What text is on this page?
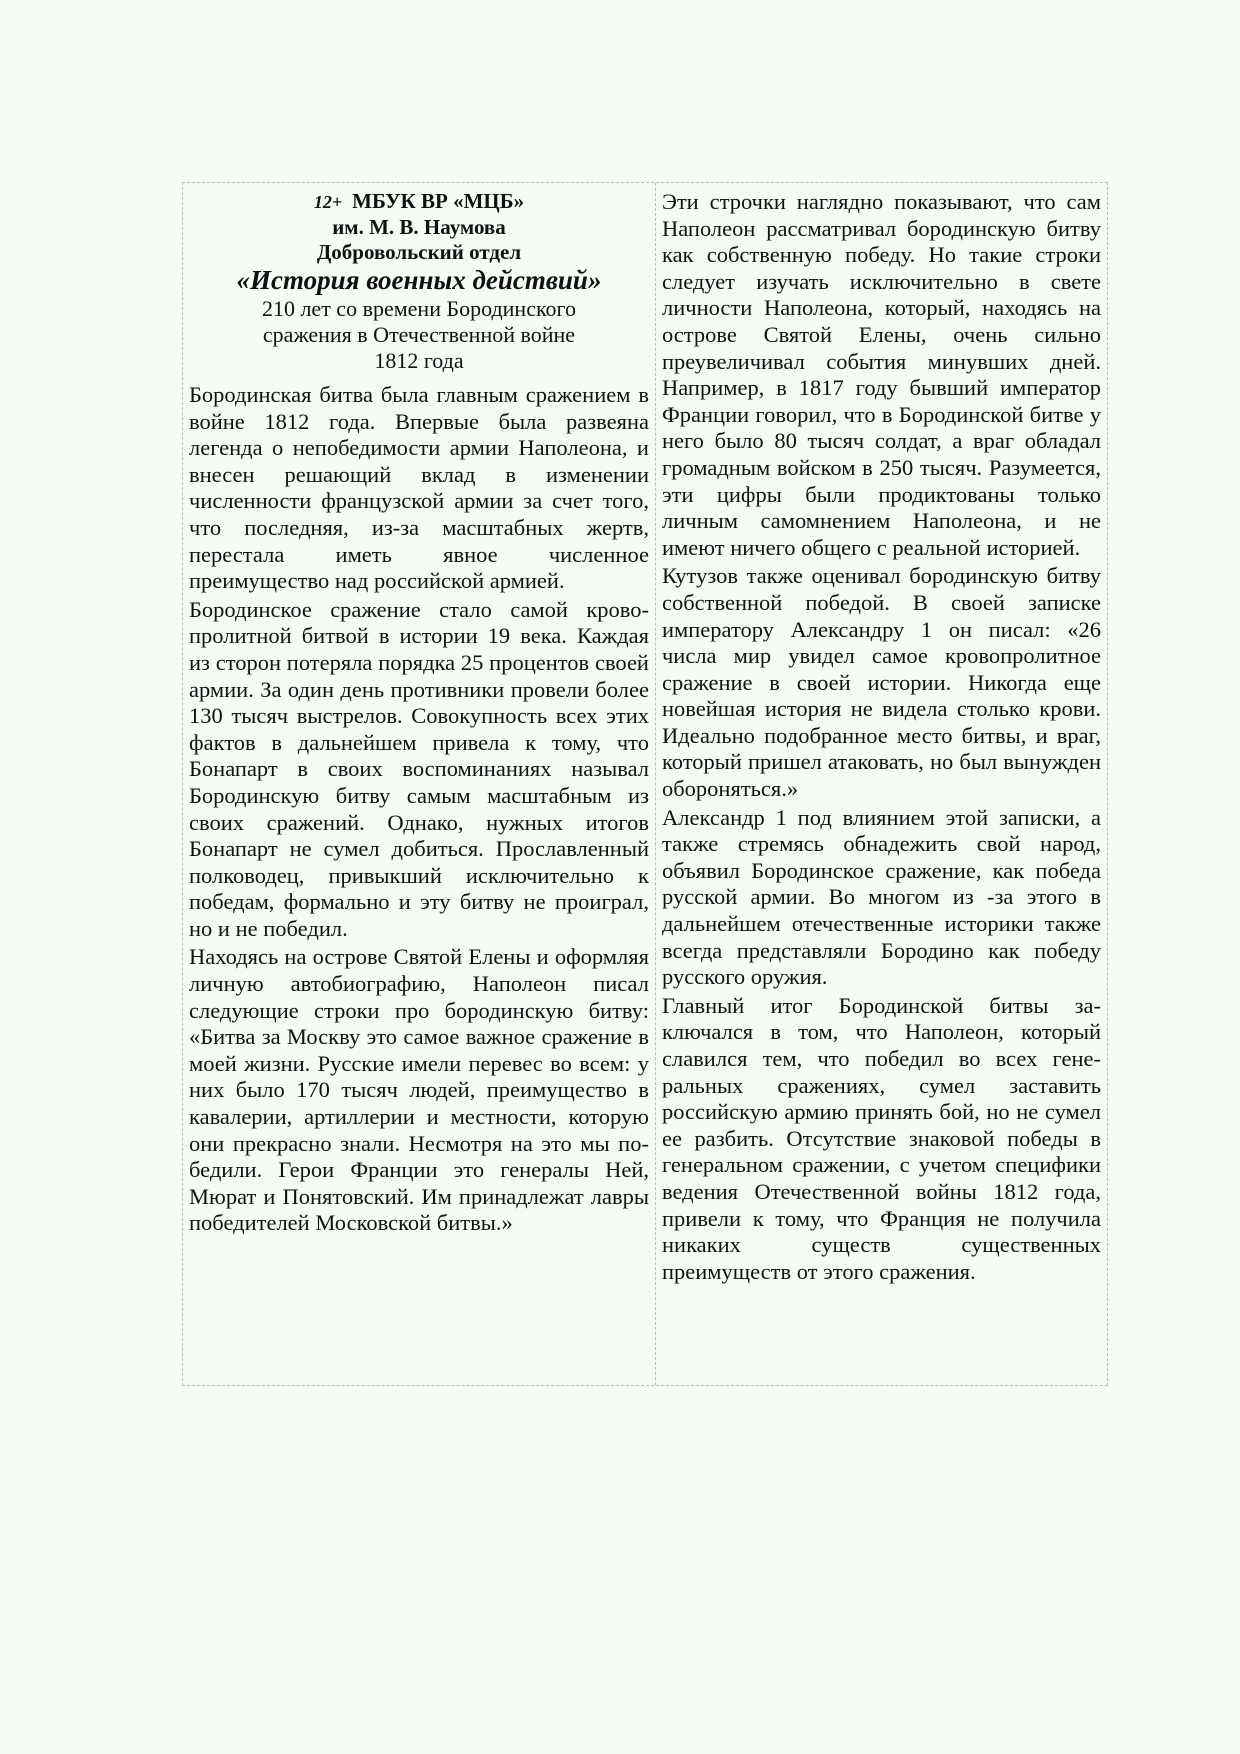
12+ МБУК ВР «МЦБ»
им. М. В. Наумова
Добровольский отдел
«История военных действий»
210 лет со времени Бородинского
сражения в Отечественной войне
1812 года

Бородинская битва была главным сражением в войне 1812 года. Впервые была развеяна легенда о непобедимости армии Наполеона, и внесен решающий вклад в изменении численности французской армии за счет того, что последняя, из-за масштабных жертв, перестала иметь явное численное преимущество над российской армией.

Бородинское сражение стало самой кровопролитной битвой в истории 19 века. Каждая из сторон потеряла порядка 25 процентов своей армии. За один день противники провели более 130 тысяч выстрелов. Совокупность всех этих фактов в дальнейшем привела к тому, что Бонапарт в своих воспоминаниях называл Бородинскую битву самым масштабным из своих сражений. Однако, нужных итогов Бонапарт не сумел добиться. Прославленный полководец, привыкший исключительно к победам, формально и эту битву не проиграл, но и не победил.

Находясь на острове Святой Елены и оформляя личную автобиографию, Наполеон писал следующие строки про бородинскую битву: «Битва за Москву это самое важное сражение в моей жизни. Русские имели перевес во всем: у них было 170 тысяч людей, преимущество в кавалерии, артиллерии и местности, которую они прекрасно знали. Несмотря на это мы победили. Герои Франции это генералы Ней, Мюрат и Понятовский. Им принадлежат лавры победителей Московской битвы.»

Эти строчки наглядно показывают, что сам Наполеон рассматривал бородинскую битву как собственную победу. Но такие строки следует изучать исключительно в свете личности Наполеона, который, находясь на острове Святой Елены, очень сильно преувеличивал события минувших дней. Например, в 1817 году бывший император Франции говорил, что в Бородинской битве у него было 80 тысяч солдат, а враг обладал громадным войском в 250 тысяч. Разумеется, эти цифры были продиктованы только личным самомнением Наполеона, и не имеют ничего общего с реальной историей.

Кутузов также оценивал бородинскую битву собственной победой. В своей записке императору Александру 1 он писал: «26 числа мир увидел самое кровопролитное сражение в своей истории. Никогда еще новейшая история не видела столько крови. Идеально подобранное место битвы, и враг, который пришел атаковать, но был вынужден обороняться.»

Александр 1 под влиянием этой записки, а также стремясь обнадежить свой народ, объявил Бородинское сражение, как победа русской армии. Во многом из -за этого в дальнейшем отечественные историки также всегда представляли Бородино как победу русского оружия.

Главный итог Бородинской битвы заключался в том, что Наполеон, который славился тем, что победил во всех генеральных сражениях, сумел заставить российскую армию принять бой, но не сумел ее разбить. Отсутствие знаковой победы в генеральном сражении, с учетом специфики ведения Отечественной войны 1812 года, привели к тому, что Франция не получила никаких существ существенных преимуществ от этого сражения.
